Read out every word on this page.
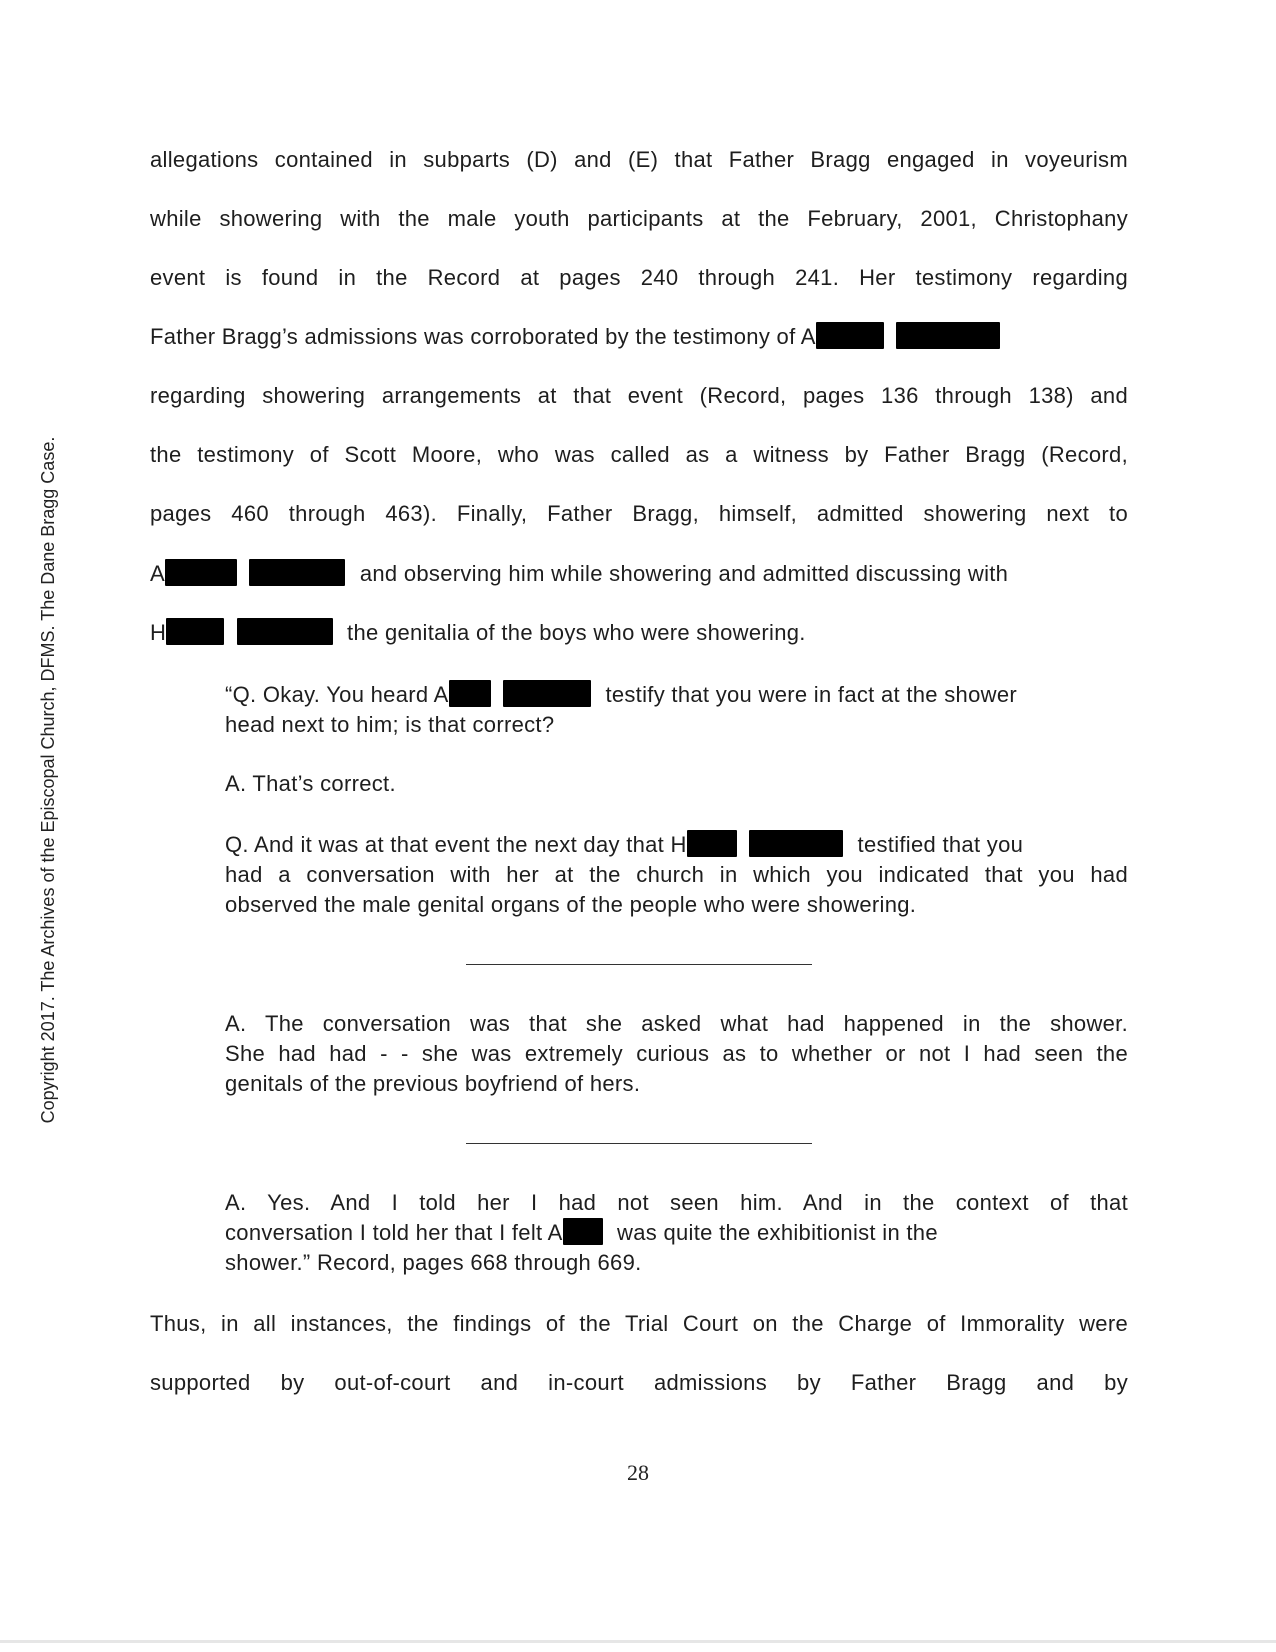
Copyright 2017. The Archives of the Episcopal Church, DFMS. The Dane Bragg Case.
allegations contained in subparts (D) and (E) that Father Bragg engaged in voyeurism
while showering with the male youth participants at the February, 2001, Christophany
event is found in the Record at pages 240 through 241. Her testimony regarding
Father Bragg’s admissions was corroborated by the testimony of A
regarding showering arrangements at that event (Record, pages 136 through 138) and
the testimony of Scott Moore, who was called as a witness by Father Bragg (Record,
pages 460 through 463). Finally, Father Bragg, himself, admitted showering next to
A	and observing him while showering and admitted discussing with
H	the genitalia of the boys who were showering.
“Q. Okay. You heard A	testify that you were in fact at the shower
head next to him; is that correct?
A. That’s correct.
Q. And it was at that event the next day that H	testified that you
had a conversation with her at the church in which you indicated that you had
observed the male genital organs of the people who were showering.
A. The conversation was that she asked what had happened in the shower.
She had had - - she was extremely curious as to whether or not I had seen the
genitals of the previous boyfriend of hers.
A. Yes. And I told her I had not seen him. And in the context of that
conversation I told her that I felt A was quite the exhibitionist in the
shower.” Record, pages 668 through 669.
Thus, in all instances, the findings of the Trial Court on the Charge of Immorality were
supported by out-of-court and in-court admissions by Father Bragg and by
28
